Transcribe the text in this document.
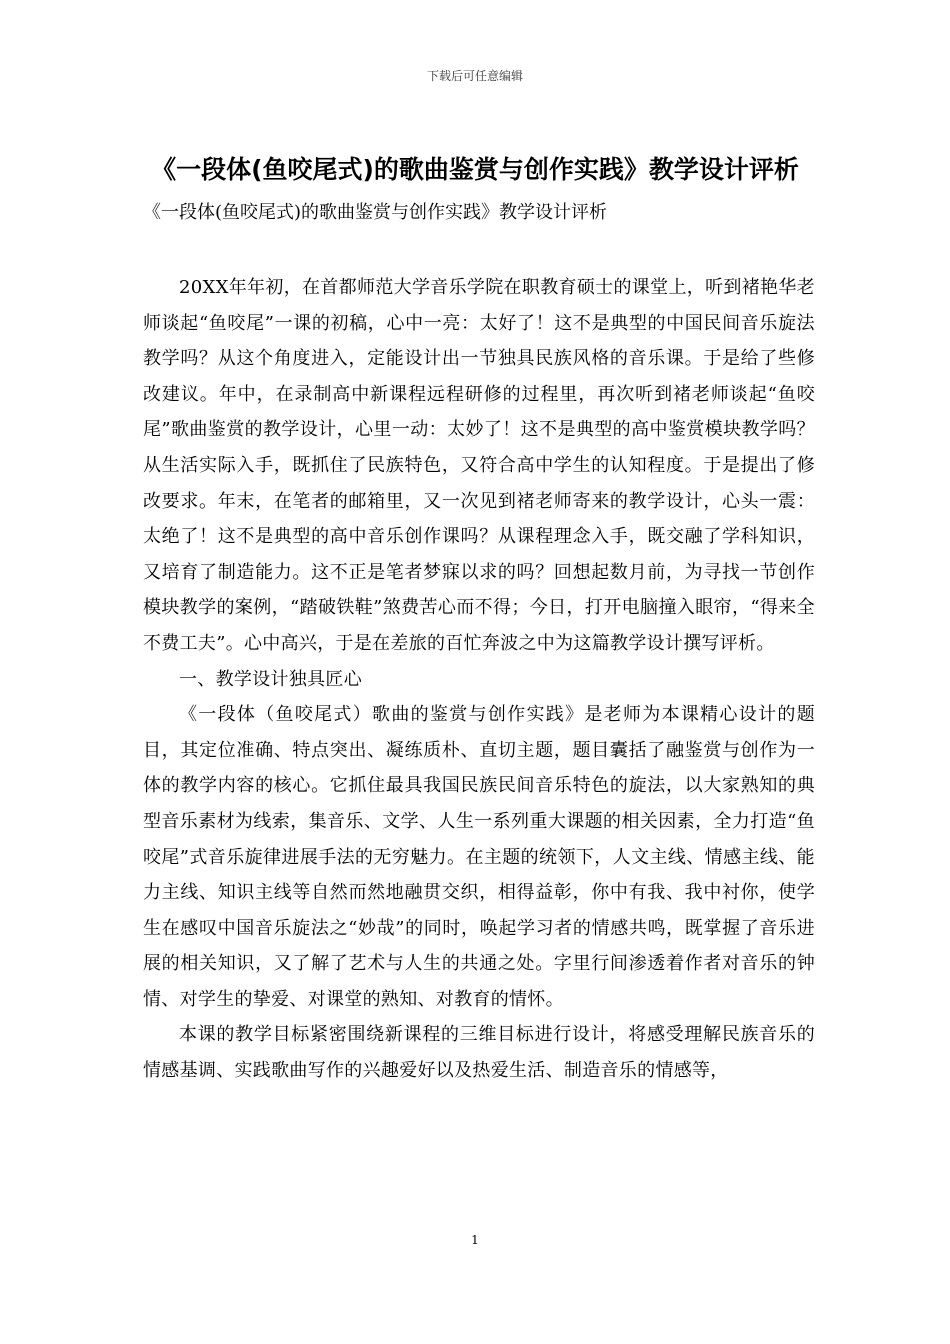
下载后可任意编辑
《一段体(鱼咬尾式)的歌曲鉴赏与创作实践》教学设计评析
《一段体(鱼咬尾式)的歌曲鉴赏与创作实践》教学设计评析

20XX年年初，在首都师范大学音乐学院在职教育硕士的课堂上，听到褚艳华老师谈起“鱼咬尾”一课的初稿，心中一亮：太好了！这不是典型的中国民间音乐旋法教学吗？从这个角度进入，定能设计出一节独具民族风格的音乐课。于是给了些修改建议。年中，在录制高中新课程远程研修的过程里，再次听到褚老师谈起“鱼咬尾”歌曲鉴赏的教学设计，心里一动：太妙了！这不是典型的高中鉴赏模块教学吗？从生活实际入手，既抓住了民族特色，又符合高中学生的认知程度。于是提出了修改要求。年末，在笔者的邮箱里，又一次见到褚老师寄来的教学设计，心头一震：太绝了！这不是典型的高中音乐创作课吗？从课程理念入手，既交融了学科知识，又培育了制造能力。这不正是笔者梦寐以求的吗？回想起数月前，为寻找一节创作模块教学的案例，“踏破铁鞋”煞费苦心而不得；今日，打开电脑撞入眼帘，“得来全不费工夫”。心中高兴，于是在差旅的百忙奔波之中为这篇教学设计撰写评析。

一、教学设计独具匠心

《一段体（鱼咬尾式）歌曲的鉴赏与创作实践》是老师为本课精心设计的题目，其定位准确、特点突出、凝练质朴、直切主题，题目囊括了融鉴赏与创作为一体的教学内容的核心。它抓住最具我国民族民间音乐特色的旋法，以大家熟知的典型音乐素材为线索，集音乐、文学、人生一系列重大课题的相关因素，全力打造“鱼咬尾”式音乐旋律进展手法的无穷魅力。在主题的统领下，人文主线、情感主线、能力主线、知识主线等自然而然地融贯交织，相得益彰，你中有我、我中衬你，使学生在感叹中国音乐旋法之“妙哉”的同时，唤起学习者的情感共鸣，既掌握了音乐进展的相关知识，又了解了艺术与人生的共通之处。字里行间渗透着作者对音乐的钟情、对学生的挚爱、对课堂的熟知、对教育的情怀。

本课的教学目标紧密围绕新课程的三维目标进行设计，将感受理解民族音乐的情感基调、实践歌曲写作的兴趣爱好以及热爱生活、制造音乐的情感等，

1
